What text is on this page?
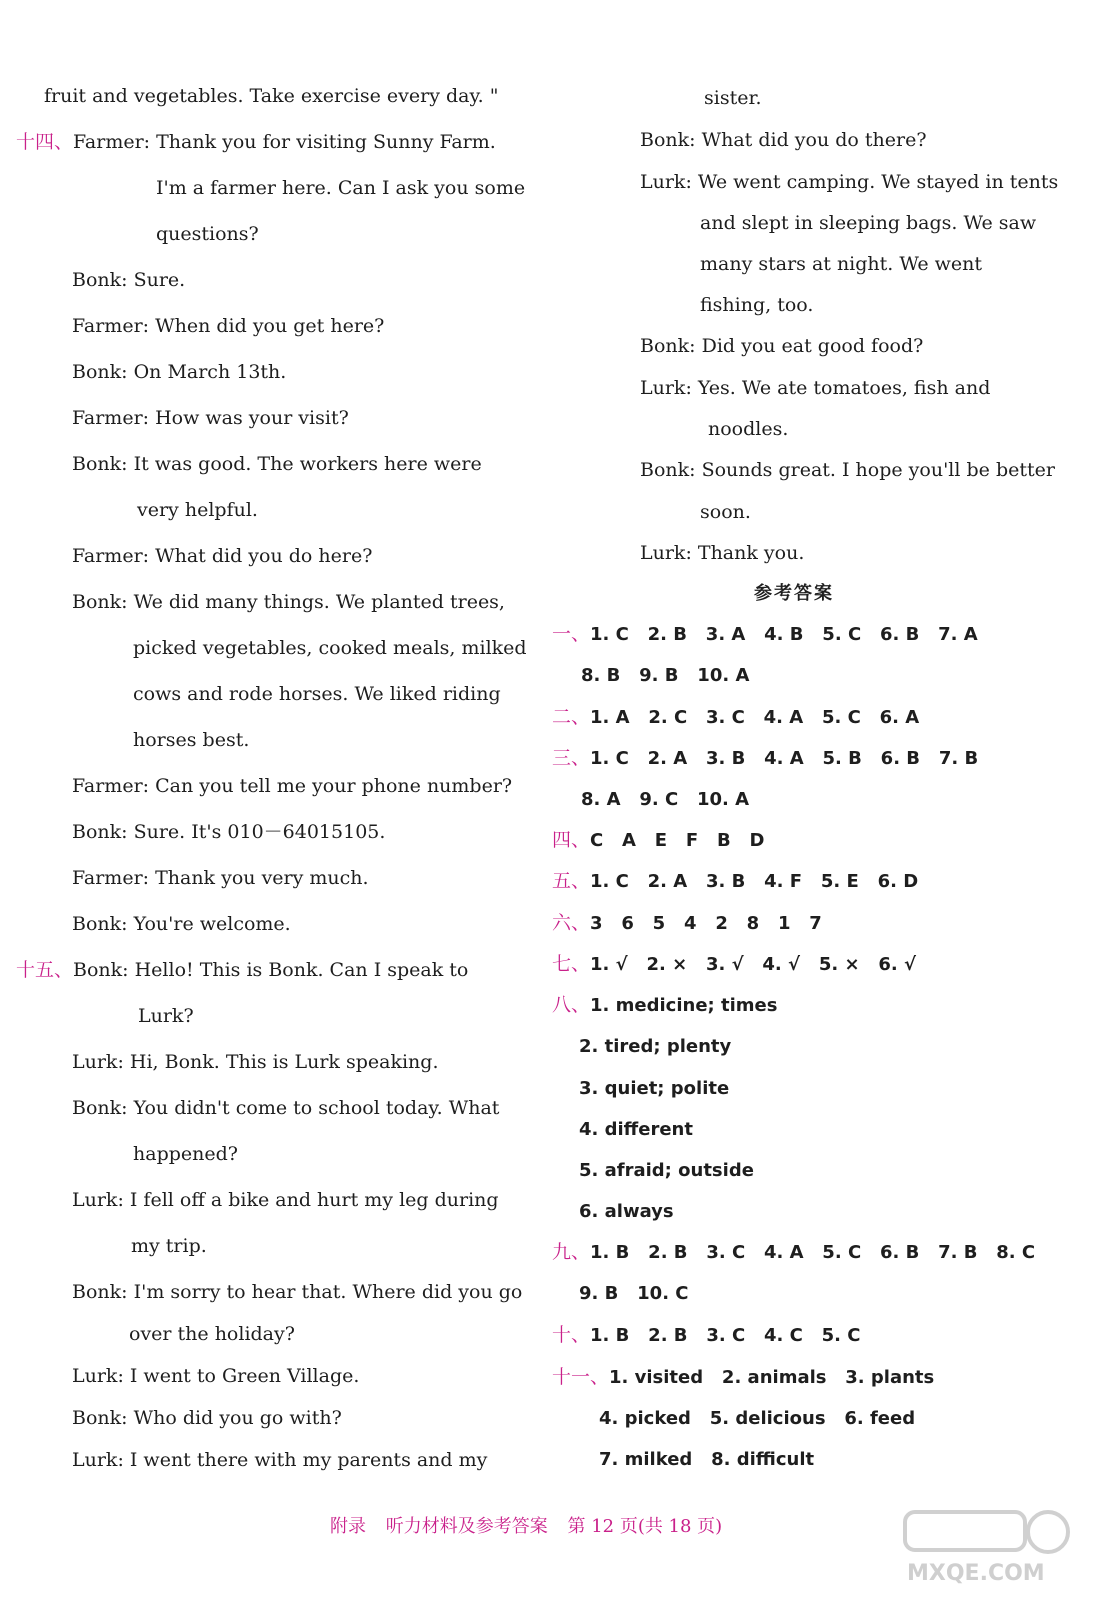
fruit and vegetables. Take exercise every day. "
十四、Farmer: Thank you for visiting Sunny Farm.
I'm a farmer here. Can I ask you some
questions?
Bonk: Sure.
Farmer: When did you get here?
Bonk: On March 13th.
Farmer: How was your visit?
Bonk: It was good. The workers here were
very helpful.
Farmer: What did you do here?
Bonk: We did many things. We planted trees,
picked vegetables, cooked meals, milked
cows and rode horses. We liked riding
horses best.
Farmer: Can you tell me your phone number?
Bonk: Sure. It's 010－64015105.
Farmer: Thank you very much.
Bonk: You're welcome.
十五、Bonk: Hello! This is Bonk. Can I speak to
Lurk?
Lurk: Hi, Bonk. This is Lurk speaking.
Bonk: You didn't come to school today. What
happened?
Lurk: I fell off a bike and hurt my leg during
my trip.
Bonk: I'm sorry to hear that. Where did you go
over the holiday?
Lurk: I went to Green Village.
Bonk: Who did you go with?
Lurk: I went there with my parents and my
sister.
Bonk: What did you do there?
Lurk: We went camping. We stayed in tents
and slept in sleeping bags. We saw
many stars at night. We went
fishing, too.
Bonk: Did you eat good food?
Lurk: Yes. We ate tomatoes, fish and
noodles.
Bonk: Sounds great. I hope you'll be better
soon.
Lurk: Thank you.
参考答案
一、1. C   2. B   3. A   4. B   5. C   6. B   7. A
8. B   9. B   10. A
二、1. A   2. C   3. C   4. A   5. C   6. A
三、1. C   2. A   3. B   4. A   5. B   6. B   7. B
8. A   9. C   10. A
四、C   A   E   F   B   D
五、1. C   2. A   3. B   4. F   5. E   6. D
六、3   6   5   4   2   8   1   7
七、1. √   2. ×   3. √   4. √   5. ×   6. √
八、1. medicine; times
2. tired; plenty
3. quiet; polite
4. different
5. afraid; outside
6. always
九、1. B   2. B   3. C   4. A   5. C   6. B   7. B   8. C
9. B   10. C
十、1. B   2. B   3. C   4. C   5. C
十一、1. visited   2. animals   3. plants
4. picked   5. delicious   6. feed
7. milked   8. difficult
附录 听力材料及参考答案 第 12 页(共 18 页)
MXQE.COM
